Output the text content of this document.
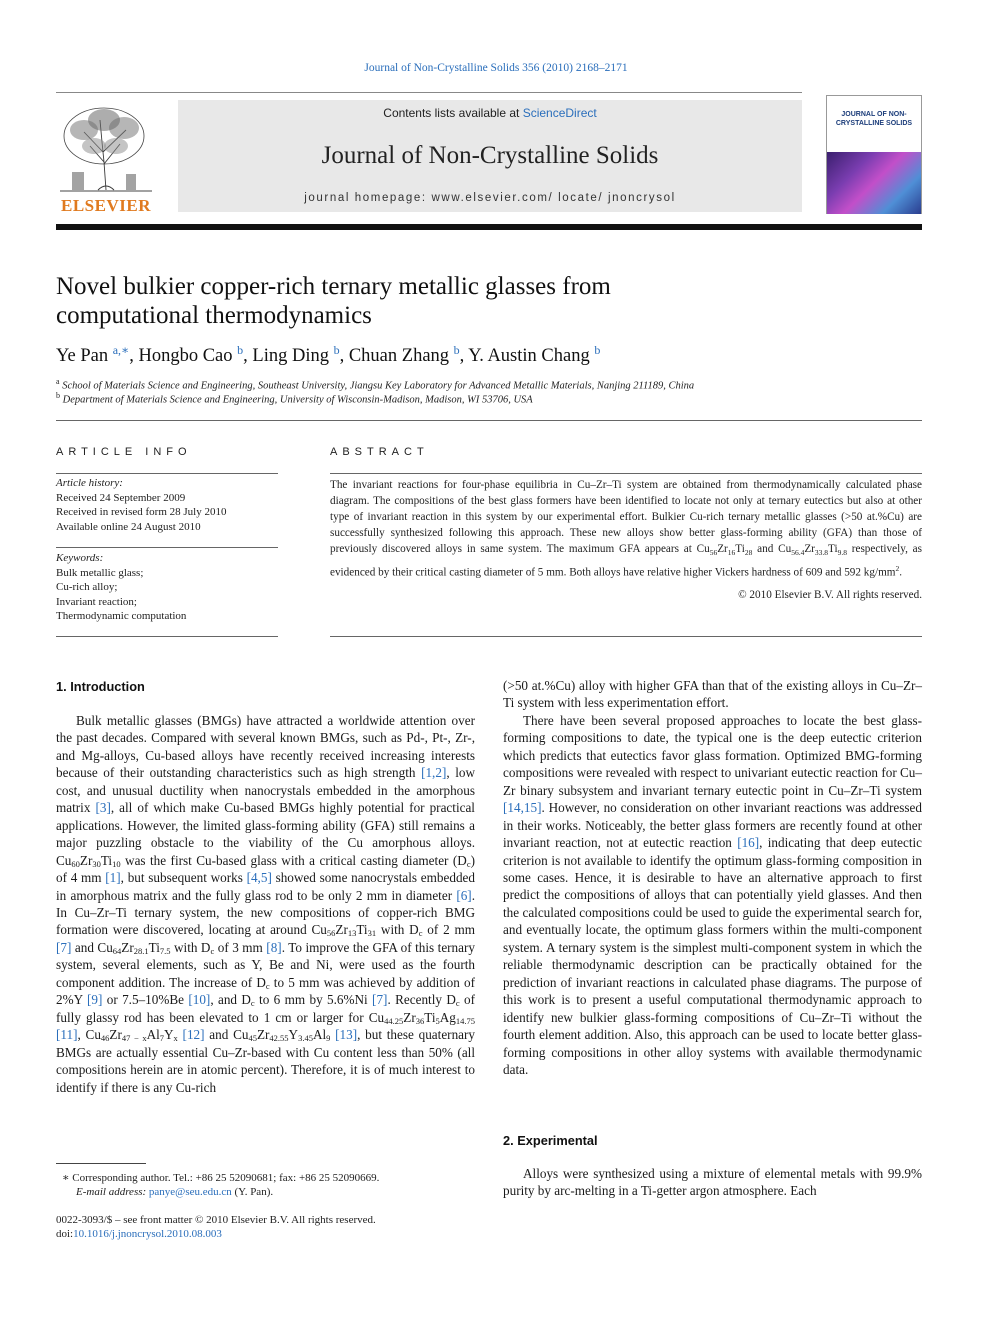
Journal of Non-Crystalline Solids 356 (2010) 2168–2171
ELSEVIER
Contents lists available at ScienceDirect
Journal of Non-Crystalline Solids
journal homepage: www.elsevier.com/ locate/ jnoncrysol
JOURNAL OF NON-CRYSTALLINE SOLIDS
Novel bulkier copper-rich ternary metallic glasses from computational thermodynamics
Ye Pan $^{a,∗}$, Hongbo Cao $^b$, Ling Ding $^b$, Chuan Zhang $^b$, Y. Austin Chang $^b$
$^a$ School of Materials Science and Engineering, Southeast University, Jiangsu Key Laboratory for Advanced Metallic Materials, Nanjing 211189, China
$^b$ Department of Materials Science and Engineering, University of Wisconsin-Madison, Madison, WI 53706, USA
ARTICLE INFO	ABSTRACT
Article history:
Received 24 September 2009
Received in revised form 28 July 2010
Available online 24 August 2010
Keywords:
Bulk metallic glass;
Cu-rich alloy;
Invariant reaction;
Thermodynamic computation
The invariant reactions for four-phase equilibria in Cu–Zr–Ti system are obtained from thermodynamically calculated phase diagram. The compositions of the best glass formers have been identified to locate not only at ternary eutectics but also at other type of invariant reaction in this system by our experimental effort. Bulkier Cu-rich ternary metallic glasses (>50 at.%Cu) are successfully synthesized following this approach. These new alloys show better glass-forming ability (GFA) than those of previously discovered alloys in same system. The maximum GFA appears at $Cu_{56}Zr_{16}Ti_{28}$ and $Cu_{56.4}Zr_{33.8}Ti_{9.8}$ respectively, as evidenced by their critical casting diameter of 5 mm. Both alloys have relative higher Vickers hardness of 609 and 592 $kg/mm^2$.
© 2010 Elsevier B.V. All rights reserved.
1. Introduction

Bulk metallic glasses (BMGs) have attracted a worldwide attention over the past decades. Compared with several known BMGs, such as Pd-, Pt-, Zr-, and Mg-alloys, Cu-based alloys have recently received increasing interests because of their outstanding characteristics such as high strength [1,2], low cost, and unusual ductility when nanocrystals embedded in the amorphous matrix [3], all of which make Cu-based BMGs highly potential for practical applications. However, the limited glass-forming ability (GFA) still remains a major puzzling obstacle to the viability of the Cu amorphous alloys. $Cu_{60}Zr_{30}Ti_{10}$ was the first Cu-based glass with a critical casting diameter $(D_c)$ of 4 mm [1], but subsequent works [4,5] showed some nanocrystals embedded in amorphous matrix and the fully glass rod to be only 2 mm in diameter [6]. In Cu–Zr–Ti ternary system, the new compositions of copper-rich BMG formation were discovered, locating at around $Cu_{56}Zr_{13}Ti_{31}$ with $D_c$ of 2 mm [7] and $Cu_{64}Zr_{28.1}Ti_{7.5}$ with $D_c$ of 3 mm [8]. To improve the GFA of this ternary system, several elements, such as Y, Be and Ni, were used as the fourth component addition. The increase of $D_c$ to 5 mm was achieved by addition of 2%Y [9] or 7.5–10%Be [10], and $D_c$ to 6 mm by 5.6%Ni [7]. Recently $D_c$ of fully glassy rod has been elevated to 1 cm or larger for $Cu_{44.25}Zr_{36}Ti_5Ag_{14.75}$ [11], $Cu_{46}Zr_{47 - x}Al_7Y_x$ [12] and $Cu_{45}Zr_{42.55}Y_{3.45}Al_9$ [13], but these quaternary BMGs are actually essential Cu–Zr-based with Cu content less than 50% (all compositions herein are in atomic percent). Therefore, it is of much interest to identify if there is any Cu-rich

(>50 at.%Cu) alloy with higher GFA than that of the existing alloys in Cu–Zr–Ti system with less experimentation effort.

There have been several proposed approaches to locate the best glass-forming compositions to date, the typical one is the deep eutectic criterion which predicts that eutectics favor glass formation. Optimized BMG-forming compositions were revealed with respect to univariant eutectic reaction for Cu–Zr binary subsystem and invariant ternary eutectic point in Cu–Zr–Ti system [14,15]. However, no consideration on other invariant reactions was addressed in their works. Noticeably, the better glass formers are recently found at other invariant reaction, not at eutectic reaction [16], indicating that deep eutectic criterion is not available to identify the optimum glass-forming composition in some cases. Hence, it is desirable to have an alternative approach to first predict the compositions of alloys that can potentially yield glasses. And then the calculated compositions could be used to guide the experimental search for, and eventually locate, the optimum glass formers within the multi-component system. A ternary system is the simplest multi-component system in which the reliable thermodynamic description can be practically obtained for the prediction of invariant reactions in calculated phase diagrams. The purpose of this work is to present a useful computational thermodynamic approach to identify new bulkier glass-forming compositions of Cu–Zr–Ti without the fourth element addition. Also, this approach can be used to locate better glass-forming compositions in other alloy systems with available thermodynamic data.

2. Experimental

Alloys were synthesized using a mixture of elemental metals with 99.9% purity by arc-melting in a Ti-getter argon atmosphere. Each

∗ Corresponding author. Tel.: +86 25 52090681; fax: +86 25 52090669.
E-mail address: panye@seu.edu.cn (Y. Pan).
0022-3093/$ – see front matter © 2010 Elsevier B.V. All rights reserved.
doi:10.1016/j.jnoncrysol.2010.08.003
